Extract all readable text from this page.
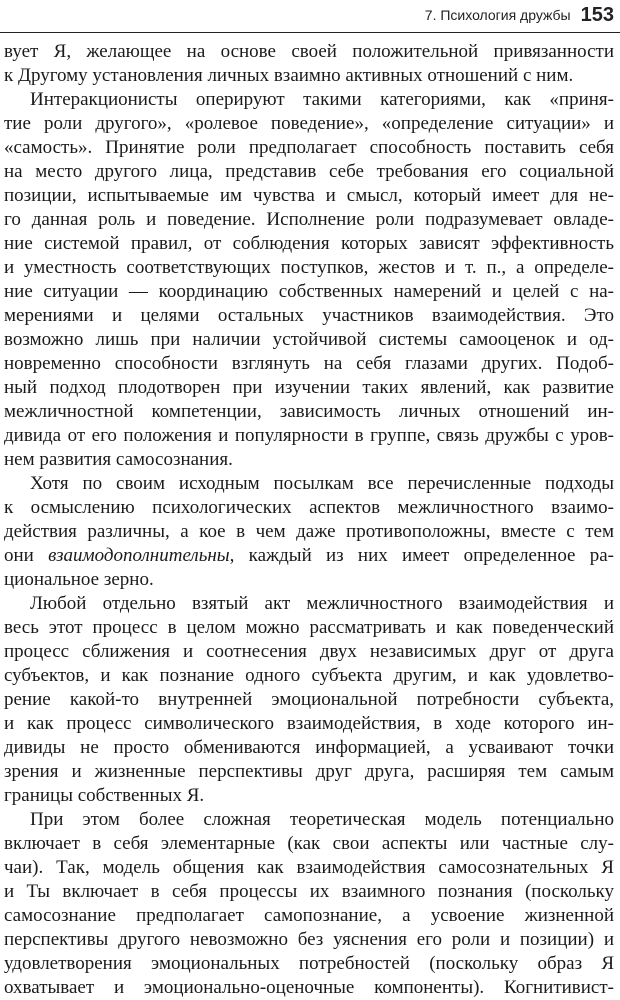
7. Психология дружбы 153

вует Я, желающее на основе своей положительной привязанности
к Другому установления личных взаимно активных отношений с ним.

Интеракционисты оперируют такими категориями, как «приня-
тие роли другого», «ролевое поведение», «определение ситуации» и
«самость». Принятие роли предполагает способность поставить себя
на место другого лица, представив себе требования его социальной
позиции, испытываемые им чувства и смысл, который имеет для не-
го данная роль и поведение. Исполнение роли подразумевает овладе-
ние системой правил, от соблюдения которых зависят эффективность
и уместность соответствующих поступков, жестов и т. п., а определе-
ние ситуации — координацию собственных намерений и целей с на-
мерениями и целями остальных участников взаимодействия. Это
возможно лишь при наличии устойчивой системы самооценок и од-
новременно способности взглянуть на себя глазами других. Подоб-
ный подход плодотворен при изучении таких явлений, как развитие
межличностной компетенции, зависимость личных отношений ин-
дивида от его положения и популярности в группе, связь дружбы с уров-
нем развития самосознания.

Хотя по своим исходным посылкам все перечисленные подходы
к осмыслению психологических аспектов межличностного взаимо-
действия различны, а кое в чем даже противоположны, вместе с тем
они взаимодополнительны, каждый из них имеет определенное ра-
циональное зерно.

Любой отдельно взятый акт межличностного взаимодействия и
весь этот процесс в целом можно рассматривать и как поведенческий
процесс сближения и соотнесения двух независимых друг от друга
субъектов, и как познание одного субъекта другим, и как удовлетво-
рение какой-то внутренней эмоциональной потребности субъекта,
и как процесс символического взаимодействия, в ходе которого ин-
дивиды не просто обмениваются информацией, а усваивают точки
зрения и жизненные перспективы друг друга, расширяя тем самым
границы собственных Я.

При этом более сложная теоретическая модель потенциально
включает в себя элементарные (как свои аспекты или частные слу-
чаи). Так, модель общения как взаимодействия самосознательных Я
и Ты включает в себя процессы их взаимного познания (поскольку
самосознание предполагает самопознание, а усвоение жизненной
перспективы другого невозможно без уяснения его роли и позиции) и
удовлетворения эмоциональных потребностей (поскольку образ Я
охватывает и эмоционально-оценочные компоненты). Когнитивист-
